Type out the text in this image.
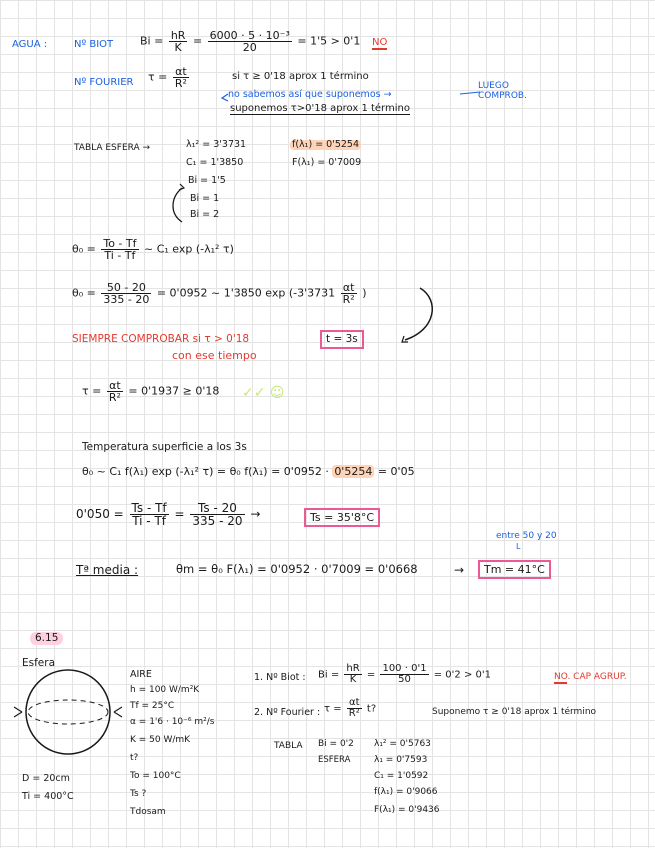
AGUA :	Nº BIOT $Bi = \frac{hR}{K} = \frac{\text{6000 · 5 · 10⁻³}}{20} = 1'5 > 0'1$ NO
Nº FOURIER $\tau = \frac{\alpha t}{\text{R²}}$	si τ ≥ 0'18 aprox 1 término
no sabemos así que suponemos →
LUEGO COMPROB.
suponemos τ>0'18 aprox 1 término
TABLA ESFERA →	λ₁² = 3'3731
C₁ = 1'3850
Bi = 1'5
Bi = 1
Bi = 2
f(λ₁) = 0'5254
F(λ₁) = 0'7009
$\theta_0 = \frac{To - Tf}{Ti - Tf}$ ~ C₁ exp (-λ₁² τ)
$\theta_0 = \frac{50 - 20}{335 - 20} = 0'0952$ ~ 1'3850 $\exp (-3'3731 \frac{\alpha t}{\text{R²}}$ )
SIEMPRE COMPROBAR si τ > 0'18
con ese tiempo
t = 3s
$\tau = \frac{\alpha t}{\text{R²}} = 0'1937 \ge 0'18$ ✓✓ ☺
Temperatura superficie a los 3s
θ₀ ~ C₁ f(λ₁) exp (-λ₁² τ) = θ₀ f(λ₁) = 0'0952 · 0'5254 = 0'05
$0'050 = \frac{Ts - Tf}{Ti - Tf} = \frac{Ts - 20}{335 - 20}$ →	Ts = 35'8°C
entre 50 y 20
L
Tª media :	θm = θ₀ F(λ₁) = 0'0952 · 0'7009 = 0'0668	→	Tm = 41°C
6.15
Esfera
D = 20cm
Ti = 400°C
AIRE
h = 100 W/m²K
Tf = 25°C
α = 1'6 · 10⁻⁶ m²/s
K = 50 W/mK
t?
To = 100°C
Ts ?
Tdosam
1. Nº Biot : $Bi = \frac{hR}{K} = \frac{100 \cdot 0'1}{50} = 0'2 > 0'1$	NO. CAP AGRUP.
2. Nº Fourier : $\tau = \frac{\alpha t}{\text{R²}} t$?	Suponemo τ ≥ 0'18 aprox 1 término
TABLA Bi = 0'2
ESFERA
λ₁² = 0'5763
λ₁ = 0'7593
C₁ = 1'0592
f(λ₁) = 0'9066
F(λ₁) = 0'9436
